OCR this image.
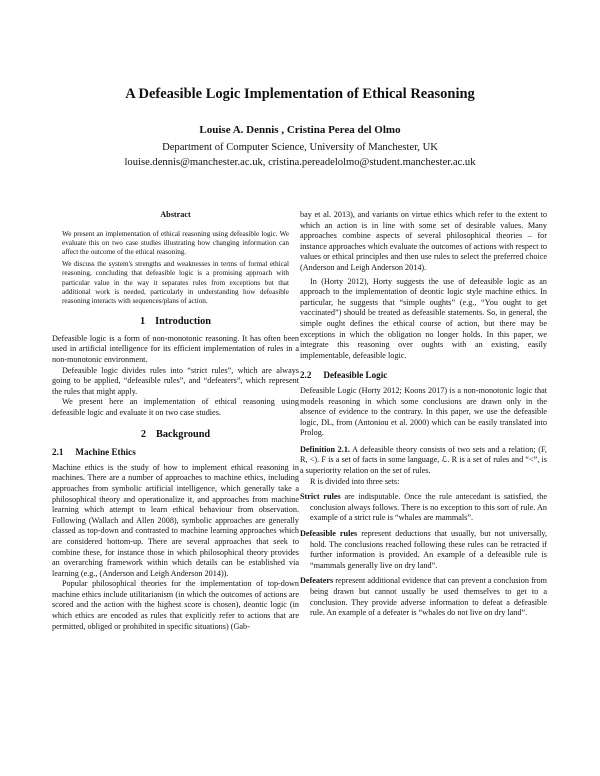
A Defeasible Logic Implementation of Ethical Reasoning
Louise A. Dennis , Cristina Perea del Olmo
Department of Computer Science, University of Manchester, UK
louise.dennis@manchester.ac.uk, cristina.pereadelolmo@student.manchester.ac.uk
Abstract

We present an implementation of ethical reasoning using defeasible logic. We evaluate this on two case studies illustrating how changing information can affect the outcome of the ethical reasoning.

We discuss the system's strengths and weaknesses in terms of formal ethical reasoning, concluding that defeasible logic is a promising approach with particular value in the way it separates rules from exceptions but that additional work is needed, particularly in understanding how defeasible reasoning interacts with sequences/plans of action.

1 Introduction

Defeasible logic is a form of non-monotonic reasoning. It has often been used in artificial intelligence for its efficient implementation of rules in a non-monotonic environment.

Defeasible logic divides rules into “strict rules”, which are always going to be applied, “defeasible rules”, and “defeaters”, which represent the rules that might apply.

We present here an implementation of ethical reasoning using defeasible logic and evaluate it on two case studies.

2 Background
2.1 Machine Ethics

Machine ethics is the study of how to implement ethical reasoning in machines. There are a number of approaches to machine ethics, including approaches from symbolic artificial intelligence, which generally take a philosophical theory and operationalize it, and approaches from machine learning which attempt to learn ethical behaviour from observation. Following (Wallach and Allen 2008), symbolic approaches are generally classed as top-down and contrasted to machine learning approaches which are considered bottom-up. There are several approaches that seek to combine these, for instance those in which philosophical theory provides an overarching framework within which details can be established via learning (e.g., (Anderson and Leigh Anderson 2014)).

Popular philosophical theories for the implementation of top-down machine ethics include utilitarianism (in which the outcomes of actions are scored and the action with the highest score is chosen), deontic logic (in which ethics are encoded as rules that explicitly refer to actions that are permitted, obliged or prohibited in specific situations) (Gab-

bay et al. 2013), and variants on virtue ethics which refer to the extent to which an action is in line with some set of desirable values. Many approaches combine aspects of several philosophical theories – for instance approaches which evaluate the outcomes of actions with respect to values or ethical principles and then use rules to select the preferred choice (Anderson and Leigh Anderson 2014).

In (Horty 2012), Horty suggests the use of defeasible logic as an approach to the implementation of deontic logic style machine ethics. In particular, he suggests that “simple oughts” (e.g., “You ought to get vaccinated”) should be treated as defeasible statements. So, in general, the simple ought defines the ethical course of action, but there may be exceptions in which the obligation no longer holds. In this paper, we integrate this reasoning over oughts with an existing, easily implementable, defeasible logic.

2.2 Defeasible Logic

Defeasible Logic (Horty 2012; Koons 2017) is a non-monotonic logic that models reasoning in which some conclusions are drawn only in the absence of evidence to the contrary. In this paper, we use the defeasible logic, DL, from (Antoniou et al. 2000) which can be easily translated into Prolog.

Definition 2.1. A defeasible theory consists of two sets and a relation; (F, R, <). F is a set of facts in some language, ℒ. R is a set of rules and “<”, is a superiority relation on the set of rules.

R is divided into three sets:

Strict rules are indisputable. Once the rule antecedant is satisfied, the conclusion always follows. There is no exception to this sort of rule. An example of a strict rule is “whales are mammals”.

Defeasible rules represent deductions that usually, but not universally, hold. The conclusions reached following these rules can be retracted if further information is provided. An example of a defeasible rule is “mammals generally live on dry land”.

Defeaters represent additional evidence that can prevent a conclusion from being drawn but cannot usually be used themselves to get to a conclusion. They provide adverse information to defeat a defeasible rule. An example of a defeater is “whales do not live on dry land”.
